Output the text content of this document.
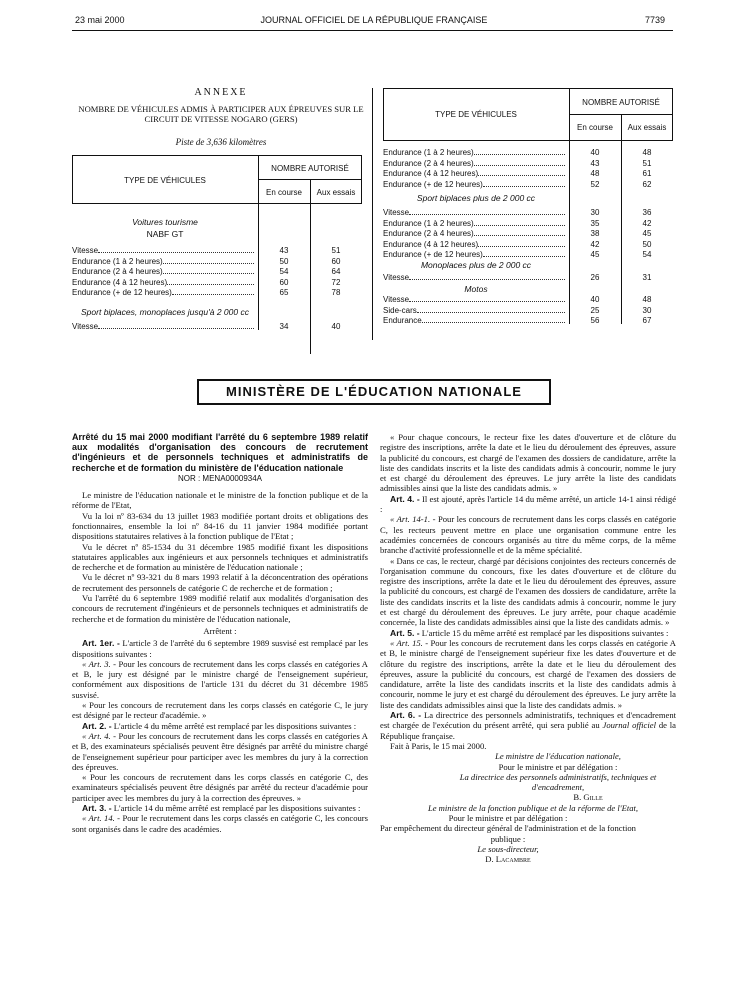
23 mai 2000	JOURNAL OFFICIEL DE LA RÉPUBLIQUE FRANÇAISE	7739
ANNEXE
NOMBRE DE VÉHICULES ADMIS À PARTICIPER AUX ÉPREUVES SUR LE CIRCUIT DE VITESSE NOGARO (GERS)
Piste de 3,636 kilomètres
TYPE DE VÉHICULES
NOMBRE AUTORISÉ
En course	Aux essais
Voitures tourisme
NABF GT
Vitesse	43	51
Endurance (1 à 2 heures)	50	60
Endurance (2 à 4 heures)	54	64
Endurance (4 à 12 heures)	60	72
Endurance (+ de 12 heures)	65	78
Sport biplaces, monoplaces jusqu'à 2 000 cc
Vitesse	34	40
TYPE DE VÉHICULES
NOMBRE AUTORISÉ
En course	Aux essais
Endurance (1 à 2 heures)	40	48
Endurance (2 à 4 heures)	43	51
Endurance (4 à 12 heures)	48	61
Endurance (+ de 12 heures)	52	62
Sport biplaces plus de 2 000 cc
Vitesse	30	36
Endurance (1 à 2 heures)	35	42
Endurance (2 à 4 heures)	38	45
Endurance (4 à 12 heures)	42	50
Endurance (+ de 12 heures)	45	54
Monoplaces plus de 2 000 cc
Vitesse	26	31
Motos
Vitesse	40	48
Side-cars	25	30
Endurance	56	67
MINISTÈRE DE L'ÉDUCATION NATIONALE

Arrêté du 15 mai 2000 modifiant l'arrêté du 6 septembre 1989 relatif aux modalités d'organisation des concours de recrutement d'ingénieurs et de personnels techniques et administratifs de recherche et de formation du ministère de l'éducation nationale

NOR : MENA0000934A

Le ministre de l'éducation nationale et le ministre de la fonction publique et de la réforme de l'Etat,

Vu la loi nº 83-634 du 13 juillet 1983 modifiée portant droits et obligations des fonctionnaires, ensemble la loi nº 84-16 du 11 janvier 1984 modifiée portant dispositions statutaires relatives à la fonction publique de l'Etat ;

Vu le décret nº 85-1534 du 31 décembre 1985 modifié fixant les dispositions statutaires applicables aux ingénieurs et aux personnels techniques et administratifs de recherche et de formation au ministère de l'éducation nationale ;

Vu le décret nº 93-321 du 8 mars 1993 relatif à la déconcentration des opérations de recrutement des personnels de catégorie C de recherche et de formation ;

Vu l'arrêté du 6 septembre 1989 modifié relatif aux modalités d'organisation des concours de recrutement d'ingénieurs et de personnels techniques et administratifs de recherche et de formation du ministère de l'éducation nationale,

Arrêtent :

Art. 1er. - L'article 3 de l'arrêté du 6 septembre 1989 susvisé est remplacé par les dispositions suivantes :

« Art. 3. - Pour les concours de recrutement dans les corps classés en catégories A et B, le jury est désigné par le ministre chargé de l'enseignement supérieur, conformément aux dispositions de l'article 131 du décret du 31 décembre 1985 susvisé.

« Pour les concours de recrutement dans les corps classés en catégorie C, le jury est désigné par le recteur d'académie. »

Art. 2. - L'article 4 du même arrêté est remplacé par les dispositions suivantes :

« Art. 4. - Pour les concours de recrutement dans les corps classés en catégories A et B, des examinateurs spécialisés peuvent être désignés par arrêté du ministre chargé de l'enseignement supérieur pour participer avec les membres du jury à la correction des épreuves.

« Pour les concours de recrutement dans les corps classés en catégorie C, des examinateurs spécialisés peuvent être désignés par arrêté du recteur d'académie pour participer avec les membres du jury à la correction des épreuves. »

Art. 3. - L'article 14 du même arrêté est remplacé par les dispositions suivantes :

« Art. 14. - Pour le recrutement dans les corps classés en catégorie C, les concours sont organisés dans le cadre des académies.

« Pour chaque concours, le recteur fixe les dates d'ouverture et de clôture du registre des inscriptions, arrête la date et le lieu du déroulement des épreuves, assure la publicité du concours, est chargé de l'examen des dossiers de candidature, arrête la liste des candidats inscrits et la liste des candidats admis à concourir, nomme le jury et est chargé du déroulement des épreuves. Le jury arrête la liste des candidats admissibles ainsi que la liste des candidats admis. »

Art. 4. - Il est ajouté, après l'article 14 du même arrêté, un article 14-1 ainsi rédigé :

« Art. 14-1. - Pour les concours de recrutement dans les corps classés en catégorie C, les recteurs peuvent mettre en place une organisation commune entre les académies concernées de concours organisés au titre du même corps, de la même branche d'activité professionnelle et de la même spécialité.

« Dans ce cas, le recteur, chargé par décisions conjointes des recteurs concernés de l'organisation commune du concours, fixe les dates d'ouverture et de clôture du registre des inscriptions, arrête la date et le lieu du déroulement des épreuves, assure la publicité du concours, est chargé de l'examen des dossiers de candidature, arrête la liste des candidats inscrits et la liste des candidats admis à concourir, nomme le jury et est chargé du déroulement des épreuves. Le jury arrête, pour chaque académie concernée, la liste des candidats admissibles ainsi que la liste des candidats admis. »

Art. 5. - L'article 15 du même arrêté est remplacé par les dispositions suivantes :

« Art. 15. - Pour les concours de recrutement dans les corps classés en catégorie A et B, le ministre chargé de l'enseignement supérieur fixe les dates d'ouverture et de clôture du registre des inscriptions, arrête la date et le lieu du déroulement des épreuves, assure la publicité du concours, est chargé de l'examen des dossiers de candidature, arrête la liste des candidats inscrits et la liste des candidats admis à concourir, nomme le jury et est chargé du déroulement des épreuves. Le jury arrête la liste des candidats admissibles ainsi que la liste des candidats admis. »

Art. 6. - La directrice des personnels administratifs, techniques et d'encadrement est chargée de l'exécution du présent arrêté, qui sera publié au Journal officiel de la République française.

Fait à Paris, le 15 mai 2000.

Le ministre de l'éducation nationale,

Pour le ministre et par délégation :

La directrice des personnels administratifs, techniques et d'encadrement,

B. Gille

Le ministre de la fonction publique et de la réforme de l'Etat,

Pour le ministre et par délégation :

Par empêchement du directeur général de l'administration et de la fonction publique :

Le sous-directeur,

D. Lacambre
